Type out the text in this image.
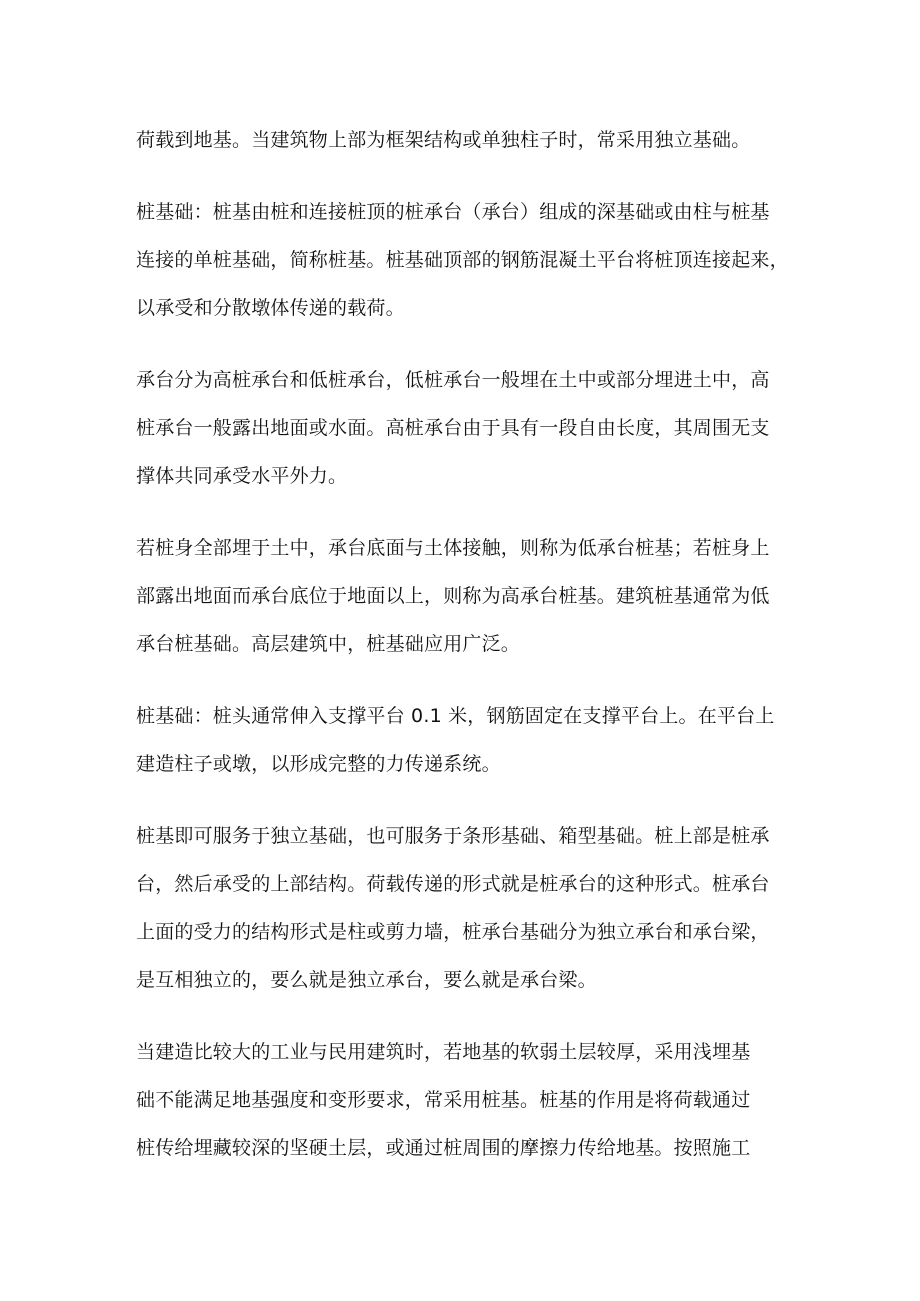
荷载到地基。当建筑物上部为框架结构或单独柱子时，常采用独立基础。

桩基础：桩基由桩和连接桩顶的桩承台（承台）组成的深基础或由柱与桩基

连接的单桩基础，简称桩基。桩基础顶部的钢筋混凝土平台将桩顶连接起来，

以承受和分散墩体传递的载荷。

承台分为高桩承台和低桩承台，低桩承台一般埋在土中或部分埋进土中，高

桩承台一般露出地面或水面。高桩承台由于具有一段自由长度，其周围无支

撑体共同承受水平外力。

若桩身全部埋于土中，承台底面与土体接触，则称为低承台桩基；若桩身上

部露出地面而承台底位于地面以上，则称为高承台桩基。建筑桩基通常为低

承台桩基础。高层建筑中，桩基础应用广泛。

桩基础：桩头通常伸入支撑平台 0.1 米，钢筋固定在支撑平台上。在平台上

建造柱子或墩，以形成完整的力传递系统。

桩基即可服务于独立基础，也可服务于条形基础、箱型基础。桩上部是桩承

台，然后承受的上部结构。荷载传递的形式就是桩承台的这种形式。桩承台

上面的受力的结构形式是柱或剪力墙，桩承台基础分为独立承台和承台梁，

是互相独立的，要么就是独立承台，要么就是承台梁。

当建造比较大的工业与民用建筑时，若地基的软弱土层较厚，采用浅埋基

础不能满足地基强度和变形要求，常采用桩基。桩基的作用是将荷载通过

桩传给埋藏较深的坚硬土层，或通过桩周围的摩擦力传给地基。按照施工
